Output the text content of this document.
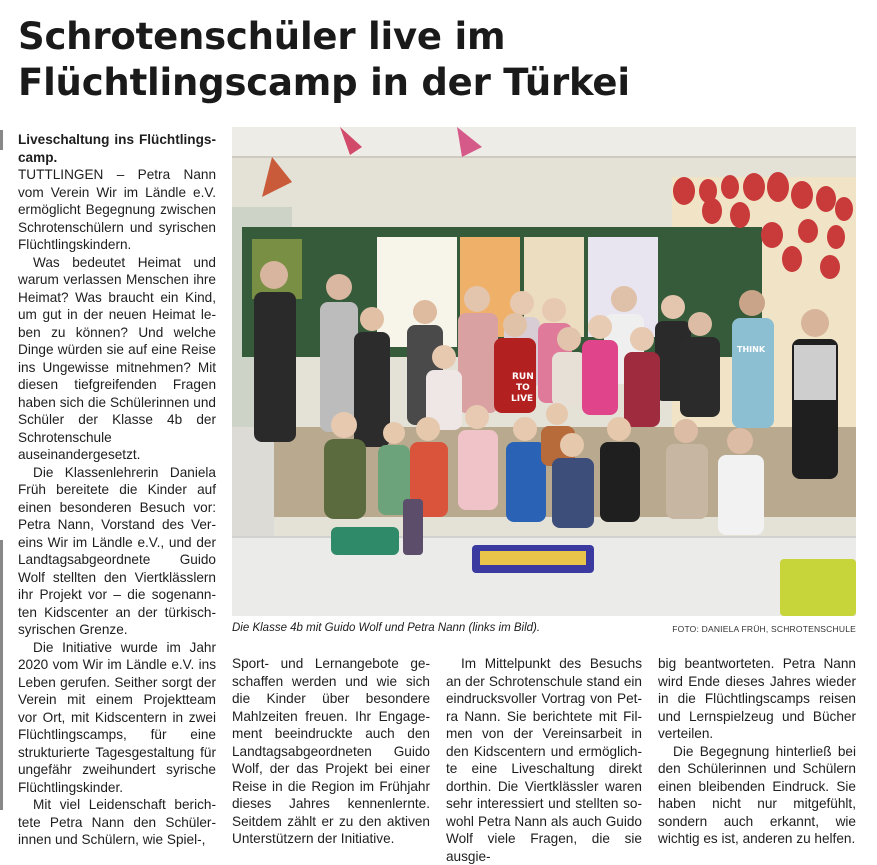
Schrotenschüler live im
Flüchtlingscamp in der Türkei

Liveschaltung ins Flüchtlings-camp.

TUTTLINGEN – Petra Nann vom Verein Wir im Ländle e.V. ermöglicht Begegnung zwischen Schrotenschülern und syrischen Flüchtlingskindern.

Was bedeutet Heimat und warum verlassen Menschen ihre Heimat? Was braucht ein Kind, um gut in der neuen Heimat leben zu können? Und welche Dinge würden sie auf eine Reise ins Ungewisse mitnehmen? Mit diesen tiefgreifenden Fragen haben sich die Schülerinnen und Schüler der Klasse 4b der Schrotenschule auseinandergesetzt.

Die Klassenlehrerin Daniela Früh bereitete die Kinder auf einen besonderen Besuch vor: Petra Nann, Vorstand des Vereins Wir im Ländle e.V., und der Landtagsabgeordnete Guido Wolf stellten den Viertklässlern ihr Projekt vor – die sogenannten Kidscenter an der türkisch-syrischen Grenze.

Die Initiative wurde im Jahr 2020 vom Wir im Ländle e.V. ins Leben gerufen. Seither sorgt der Verein mit einem Projektteam vor Ort, mit Kidscentern in zwei Flüchtlingscamps, für eine strukturierte Tagesgestaltung für ungefähr zweihundert syrische Flüchtlingskinder.

Mit viel Leidenschaft berichtete Petra Nann den Schülerinnen und Schülern, wie Spiel-,

RUN
TO
LIVE
THINK
Die Klasse 4b mit Guido Wolf und Petra Nann (links im Bild).	FOTO: DANIELA FRÜH, SCHROTENSCHULE

Sport- und Lernangebote geschaffen werden und wie sich die Kinder über besondere Mahlzeiten freuen. Ihr Engagement beeindruckte auch den Landtagsabgeordneten Guido Wolf, der das Projekt bei einer Reise in die Region im Frühjahr dieses Jahres kennenlernte. Seitdem zählt er zu den aktiven Unterstützern der Initiative.

Im Mittelpunkt des Besuchs an der Schrotenschule stand ein eindrucksvoller Vortrag von Petra Nann. Sie berichtete mit Filmen von der Vereinsarbeit in den Kidscentern und ermöglichte eine Liveschaltung direkt dorthin. Die Viertklässler waren sehr interessiert und stellten sowohl Petra Nann als auch Guido Wolf viele Fragen, die sie ausgie-

big beantworteten. Petra Nann wird Ende dieses Jahres wieder in die Flüchtlingscamps reisen und Lernspielzeug und Bücher verteilen.

Die Begegnung hinterließ bei den Schülerinnen und Schülern einen bleibenden Eindruck. Sie haben nicht nur mitgefühlt, sondern auch erkannt, wie wichtig es ist, anderen zu helfen.
